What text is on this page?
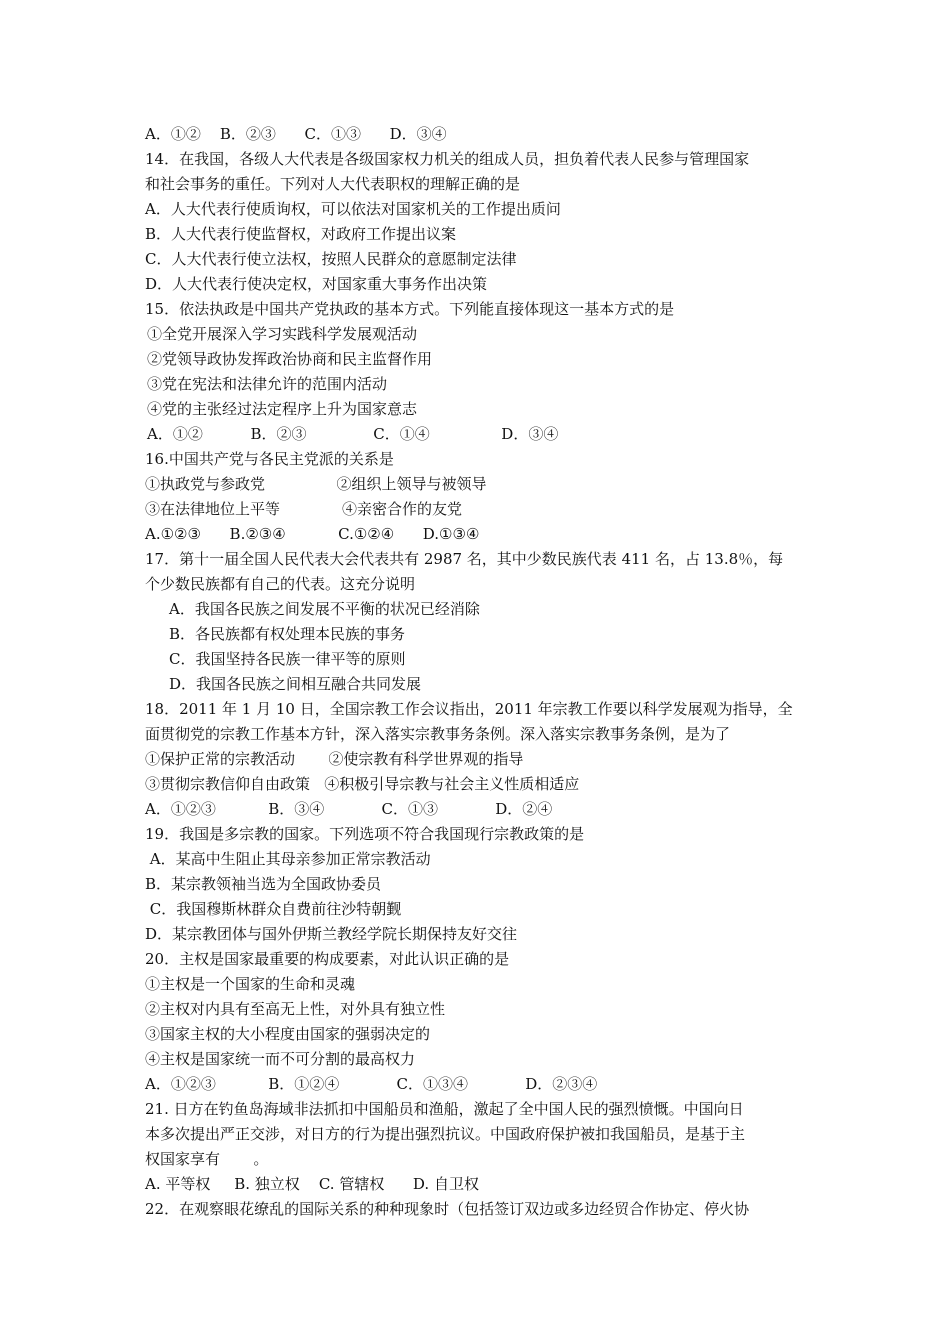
A．①②    B．②③      C．①③      D．③④
14．在我国，各级人大代表是各级国家权力机关的组成人员，担负着代表人民参与管理国家
和社会事务的重任。下列对人大代表职权的理解正确的是
A．人大代表行使质询权，可以依法对国家机关的工作提出质问
B．人大代表行使监督权，对政府工作提出议案
C．人大代表行使立法权，按照人民群众的意愿制定法律
D．人大代表行使决定权，对国家重大事务作出决策
15．依法执政是中国共产党执政的基本方式。下列能直接体现这一基本方式的是
①全党开展深入学习实践科学发展观活动
②党领导政协发挥政治协商和民主监督作用
③党在宪法和法律允许的范围内活动
④党的主张经过法定程序上升为国家意志
A．①②          B．②③              C．①④               D．③④
16.中国共产党与各民主党派的关系是
①执政党与参政党               ②组织上领导与被领导
③在法律地位上平等             ④亲密合作的友党
A.①②③      B.②③④           C.①②④      D.①③④
17．第十一届全国人民代表大会代表共有 2987 名，其中少数民族代表 411 名，占 13.8％，每
个少数民族都有自己的代表。这充分说明
A．我国各民族之间发展不平衡的状况已经消除
B．各民族都有权处理本民族的事务
C．我国坚持各民族一律平等的原则
D．我国各民族之间相互融合共同发展
18．2011 年 1 月 10 日，全国宗教工作会议指出，2011 年宗教工作要以科学发展观为指导，全
面贯彻党的宗教工作基本方针，深入落实宗教事务条例。深入落实宗教事务条例，是为了
①保护正常的宗教活动       ②使宗教有科学世界观的指导
③贯彻宗教信仰自由政策   ④积极引导宗教与社会主义性质相适应
A．①②③           B．③④            C．①③            D．②④
19．我国是多宗教的国家。下列选项不符合我国现行宗教政策的是
A．某高中生阻止其母亲参加正常宗教活动
B．某宗教领袖当选为全国政协委员
C．我国穆斯林群众自费前往沙特朝觐
D．某宗教团体与国外伊斯兰教经学院长期保持友好交往
20．主权是国家最重要的构成要素，对此认识正确的是
①主权是一个国家的生命和灵魂
②主权对内具有至高无上性，对外具有独立性
③国家主权的大小程度由国家的强弱决定的
④主权是国家统一而不可分割的最高权力
A．①②③           B．①②④            C．①③④            D．②③④
21. 日方在钓鱼岛海域非法抓扣中国船员和渔船，激起了全中国人民的强烈愤慨。中国向日
本多次提出严正交涉，对日方的行为提出强烈抗议。中国政府保护被扣我国船员，是基于主
权国家享有       。
A. 平等权     B. 独立权    C. 管辖权      D. 自卫权
22．在观察眼花缭乱的国际关系的种种现象时（包括签订双边或多边经贸合作协定、停火协
